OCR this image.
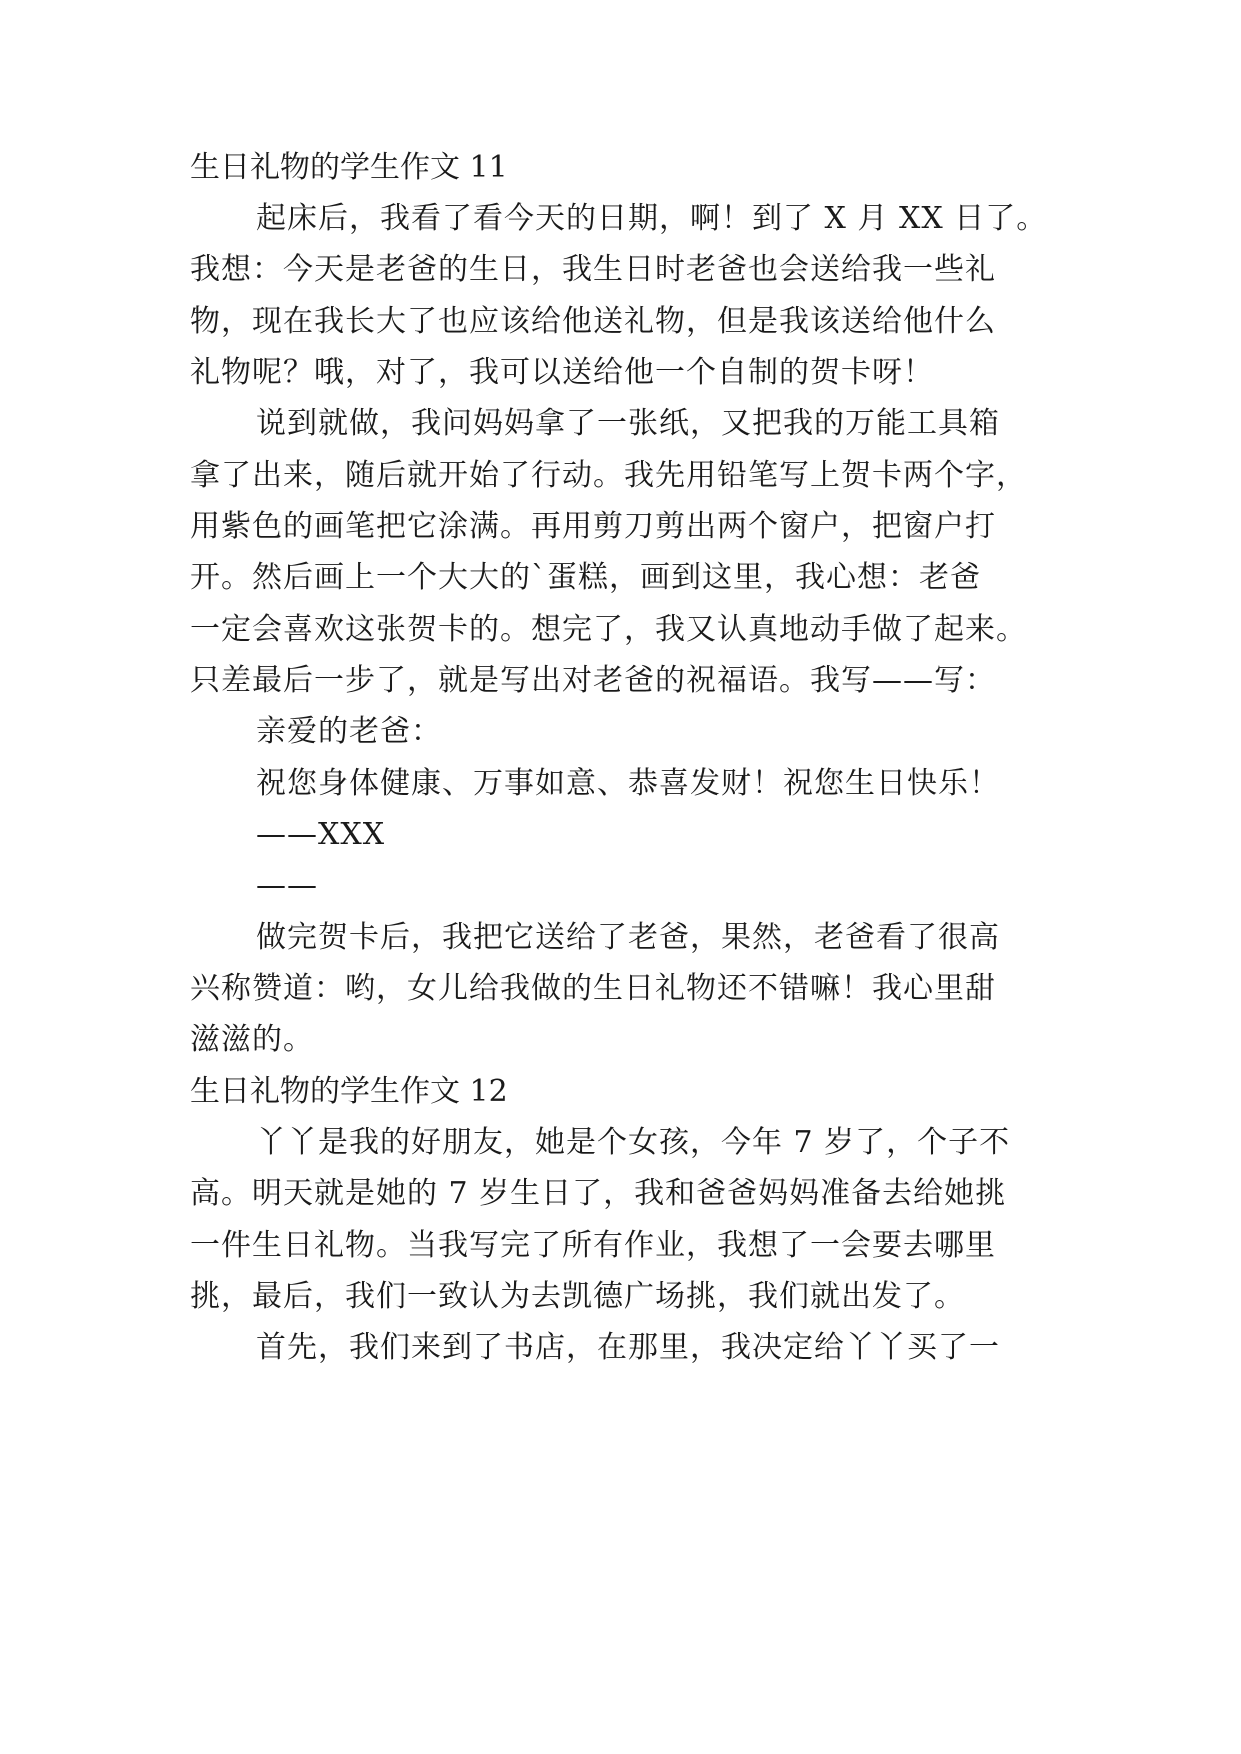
生日礼物的学生作文 11
起床后，我看了看今天的日期，啊！到了 X 月 XX 日了。
我想：今天是老爸的生日，我生日时老爸也会送给我一些礼
物，现在我长大了也应该给他送礼物，但是我该送给他什么
礼物呢？哦，对了，我可以送给他一个自制的贺卡呀！
说到就做，我问妈妈拿了一张纸，又把我的万能工具箱
拿了出来，随后就开始了行动。我先用铅笔写上贺卡两个字，
用紫色的画笔把它涂满。再用剪刀剪出两个窗户，把窗户打
开。然后画上一个大大的`蛋糕，画到这里，我心想：老爸
一定会喜欢这张贺卡的。想完了，我又认真地动手做了起来。
只差最后一步了，就是写出对老爸的祝福语。我写——写：
亲爱的老爸：
祝您身体健康、万事如意、恭喜发财！祝您生日快乐！
——XXX
——
做完贺卡后，我把它送给了老爸，果然，老爸看了很高
兴称赞道：哟，女儿给我做的生日礼物还不错嘛！我心里甜
滋滋的。
生日礼物的学生作文 12
丫丫是我的好朋友，她是个女孩，今年 7 岁了，个子不
高。明天就是她的 7 岁生日了，我和爸爸妈妈准备去给她挑
一件生日礼物。当我写完了所有作业，我想了一会要去哪里
挑，最后，我们一致认为去凯德广场挑，我们就出发了。
首先，我们来到了书店，在那里，我决定给丫丫买了一
